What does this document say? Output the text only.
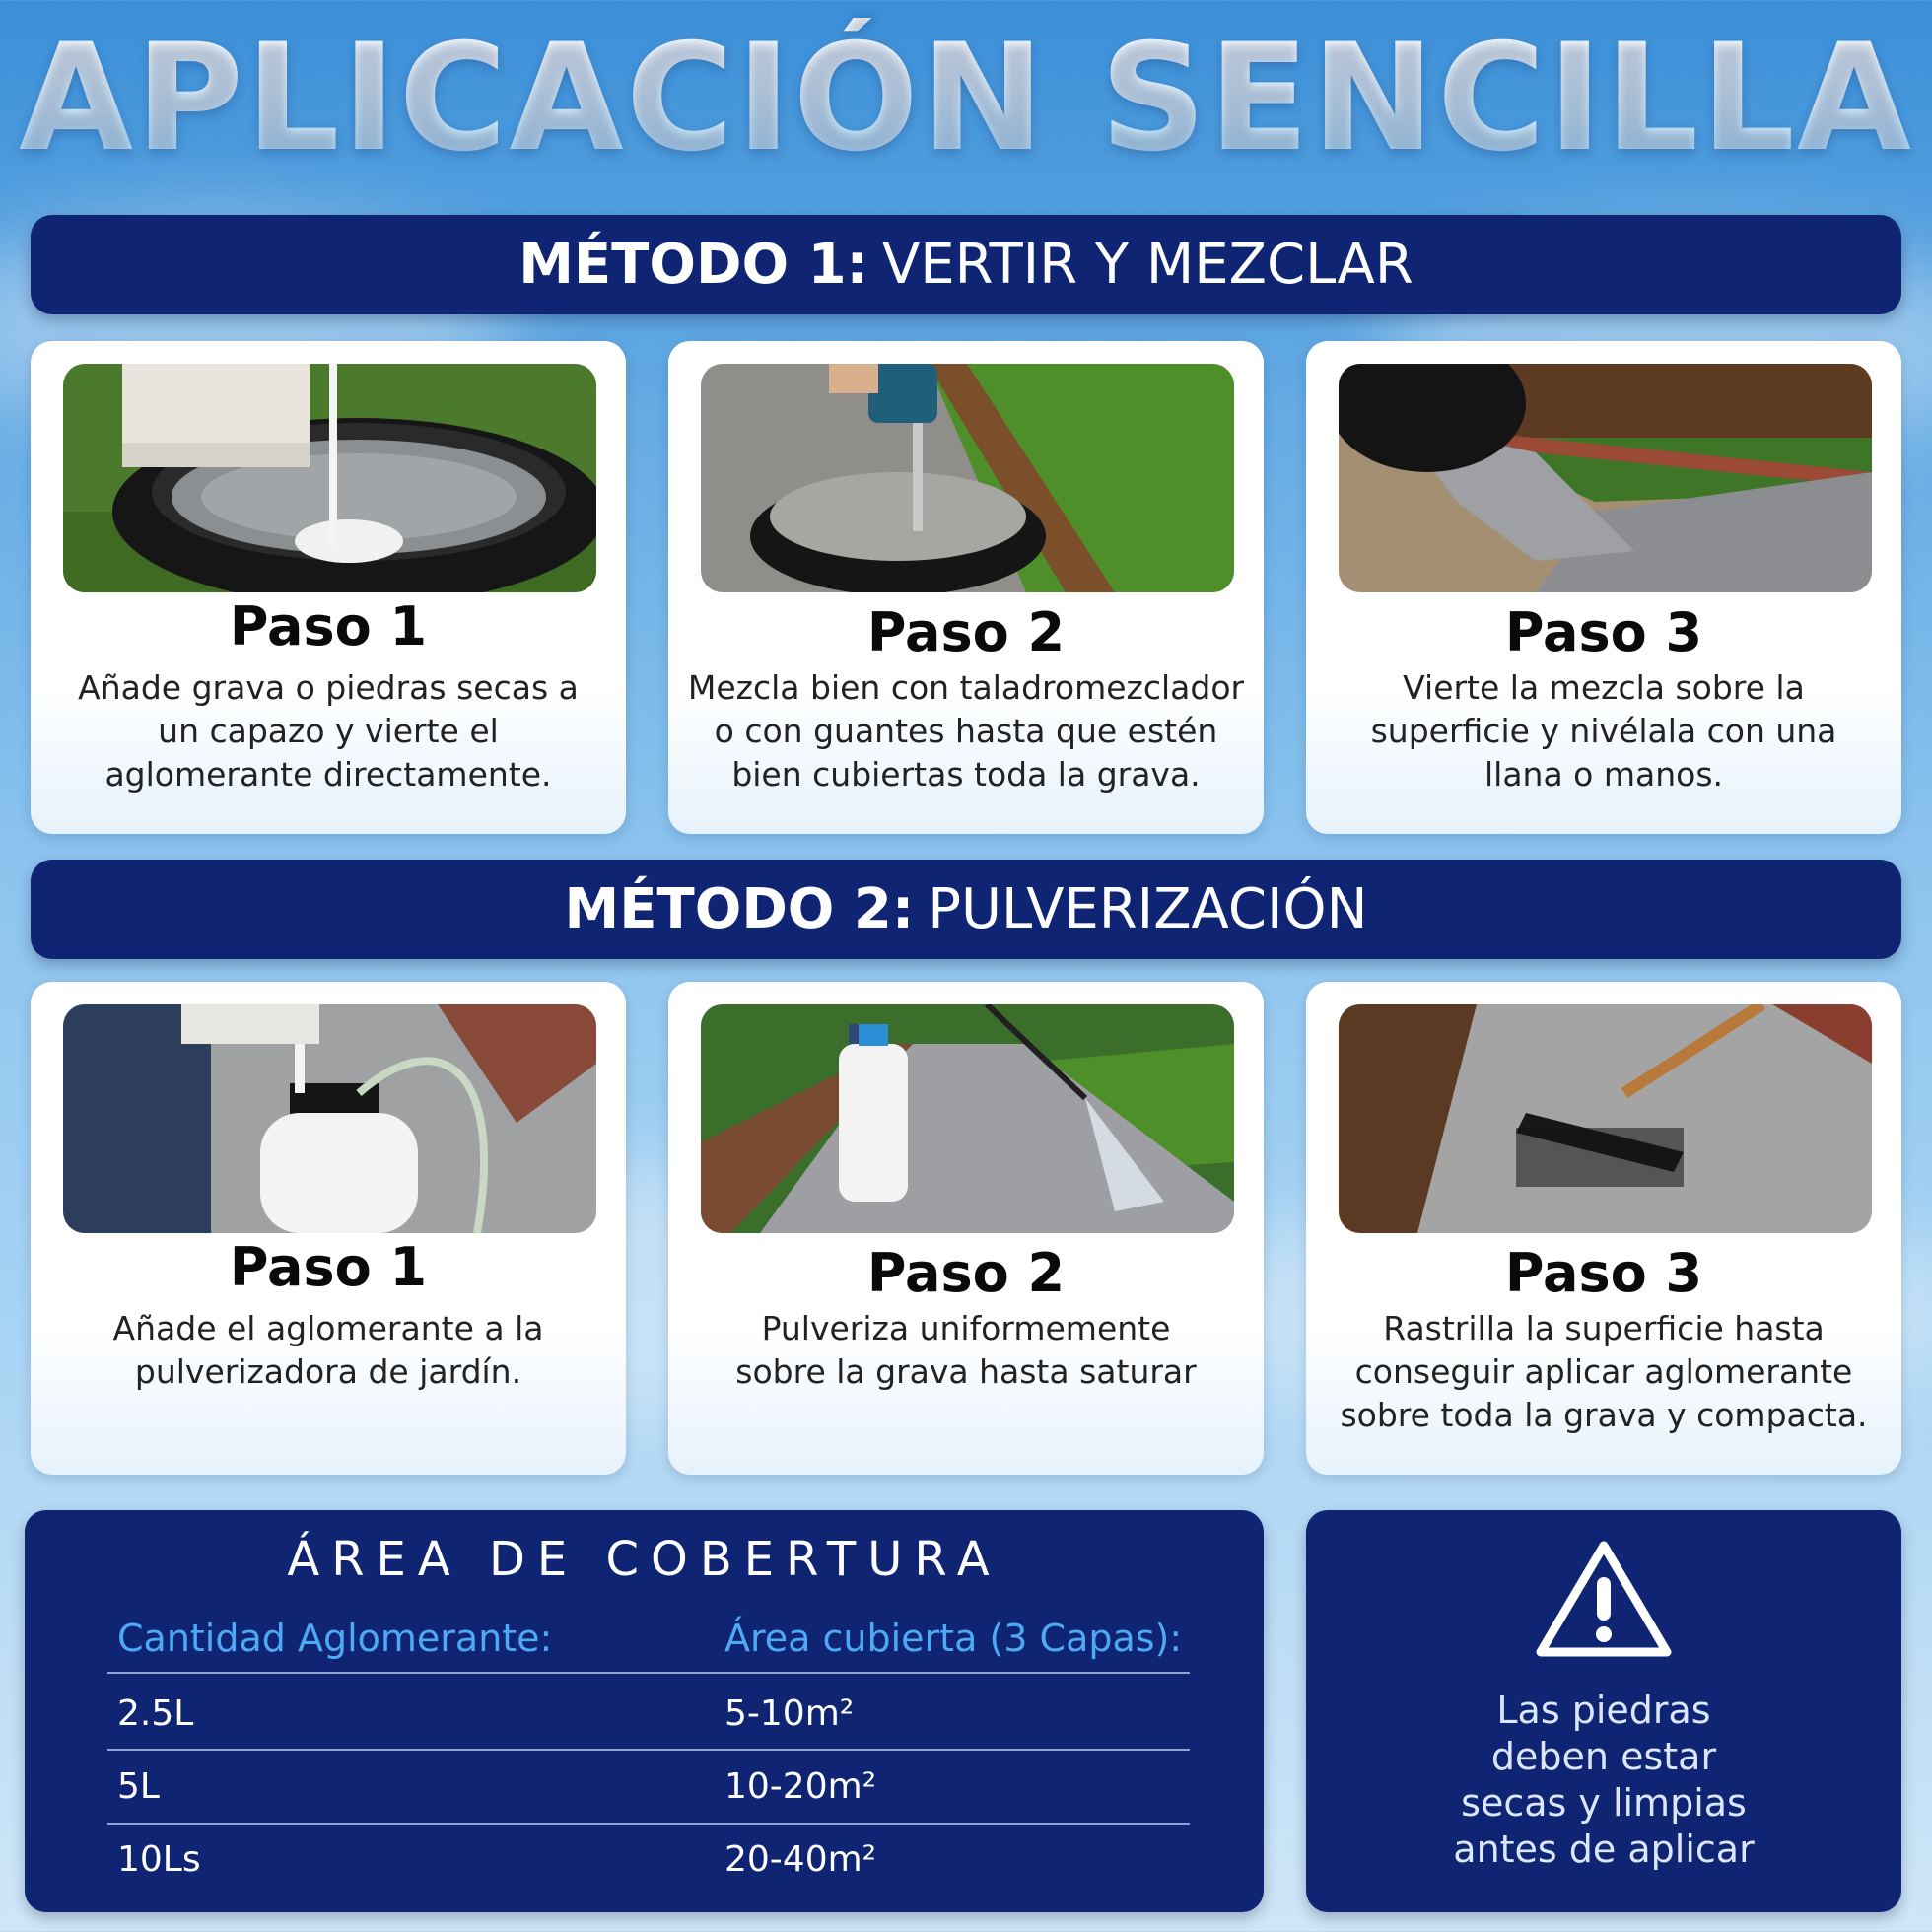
APLICACIÓN SENCILLA
MÉTODO 1: VERTIR Y MEZCLAR
Paso 1
Añade grava o piedras secas a
un capazo y vierte el
aglomerante directamente.
Paso 2
Mezcla bien con taladromezclador
o con guantes hasta que estén
bien cubiertas toda la grava.
Paso 3
Vierte la mezcla sobre la
superficie y nivélala con una
llana o manos.
MÉTODO 2: PULVERIZACIÓN
Paso 1
Añade el aglomerante a la
pulverizadora de jardín.
Paso 2
Pulveriza uniformemente
sobre la grava hasta saturar
Paso 3
Rastrilla la superficie hasta
conseguir aplicar aglomerante
sobre toda la grava y compacta.
ÁREA DE COBERTURA
Cantidad Aglomerante:	Área cubierta (3 Capas):
2.5L	5-10m²
5L	10-20m²
10Ls	20-40m²
Las piedras
deben estar
secas y limpias
antes de aplicar
